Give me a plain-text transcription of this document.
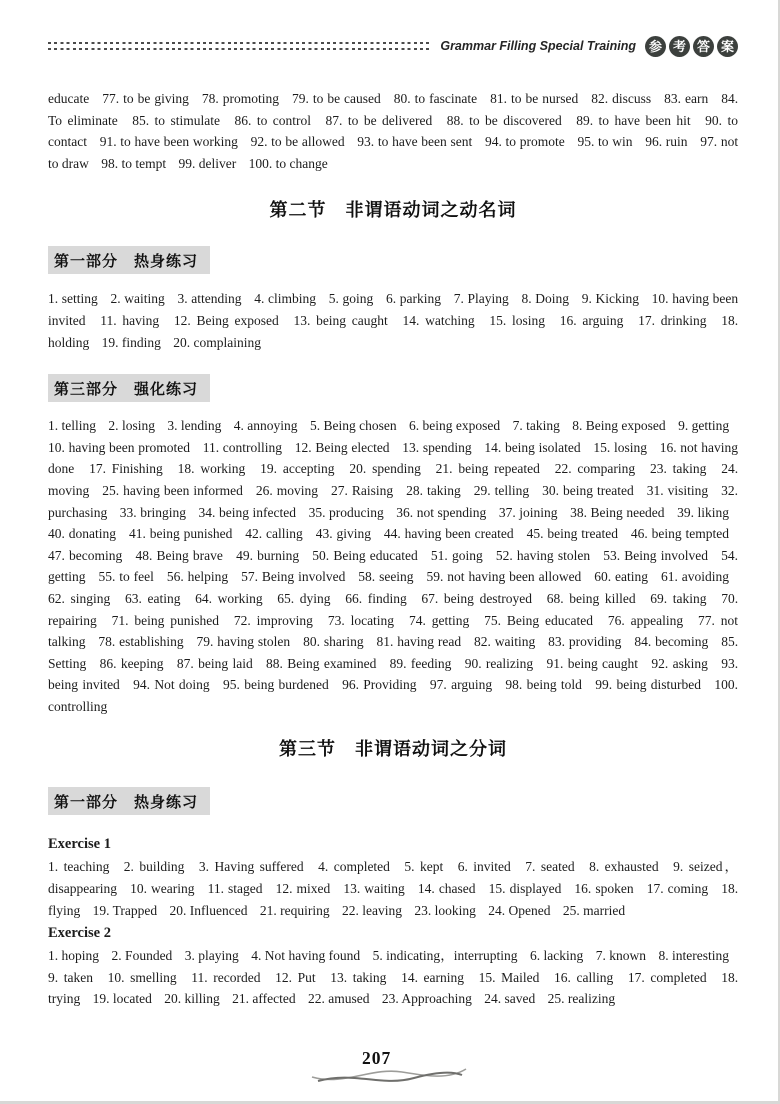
Grammar Filling Special Training 参 考 答 案

educate 77. to be giving 78. promoting 79. to be caused 80. to fascinate 81. to be nursed 82. discuss 83. earn 84. To eliminate 85. to stimulate 86. to control 87. to be delivered 88. to be discovered 89. to have been hit 90. to contact 91. to have been working 92. to be allowed 93. to have been sent 94. to promote 95. to win 96. ruin 97. not to draw 98. to tempt 99. deliver 100. to change

第二节　非谓语动词之动名词
第一部分　热身练习

1. setting 2. waiting 3. attending 4. climbing 5. going 6. parking 7. Playing 8. Doing 9. Kicking 10. having been invited 11. having 12. Being exposed 13. being caught 14. watching 15. losing 16. arguing 17. drinking 18. holding 19. finding 20. complaining

第三部分　强化练习

1. telling 2. losing 3. lending 4. annoying 5. Being chosen 6. being exposed 7. taking 8. Being exposed 9. getting 10. having been promoted 11. controlling 12. Being elected 13. spending 14. being isolated 15. losing 16. not having done 17. Finishing 18. working 19. accepting 20. spending 21. being repeated 22. comparing 23. taking 24. moving 25. having been informed 26. moving 27. Raising 28. taking 29. telling 30. being treated 31. visiting 32. purchasing 33. bringing 34. being infected 35. producing 36. not spending 37. joining 38. Being needed 39. liking 40. donating 41. being punished 42. calling 43. giving 44. having been created 45. being treated 46. being tempted 47. becoming 48. Being brave 49. burning 50. Being educated 51. going 52. having stolen 53. Being involved 54. getting 55. to feel 56. helping 57. Being involved 58. seeing 59. not having been allowed 60. eating 61. avoiding 62. singing 63. eating 64. working 65. dying 66. finding 67. being destroyed 68. being killed 69. taking 70. repairing 71. being punished 72. improving 73. locating 74. getting 75. Being educated 76. appealing 77. not talking 78. establishing 79. having stolen 80. sharing 81. having read 82. waiting 83. providing 84. becoming 85. Setting 86. keeping 87. being laid 88. Being examined 89. feeding 90. realizing 91. being caught 92. asking 93. being invited 94. Not doing 95. being burdened 96. Providing 97. arguing 98. being told 99. being disturbed 100. controlling

第三节　非谓语动词之分词
第一部分　热身练习

Exercise 1

1. teaching 2. building 3. Having suffered 4. completed 5. kept 6. invited 7. seated 8. exhausted 9. seized，disappearing 10. wearing 11. staged 12. mixed 13. waiting 14. chased 15. displayed 16. spoken 17. coming 18. flying 19. Trapped 20. Influenced 21. requiring 22. leaving 23. looking 24. Opened 25. married

Exercise 2

1. hoping 2. Founded 3. playing 4. Not having found 5. indicating，interrupting 6. lacking 7. known 8. interesting 9. taken 10. smelling 11. recorded 12. Put 13. taking 14. earning 15. Mailed 16. calling 17. completed 18. trying 19. located 20. killing 21. affected 22. amused 23. Approaching 24. saved 25. realizing

207
